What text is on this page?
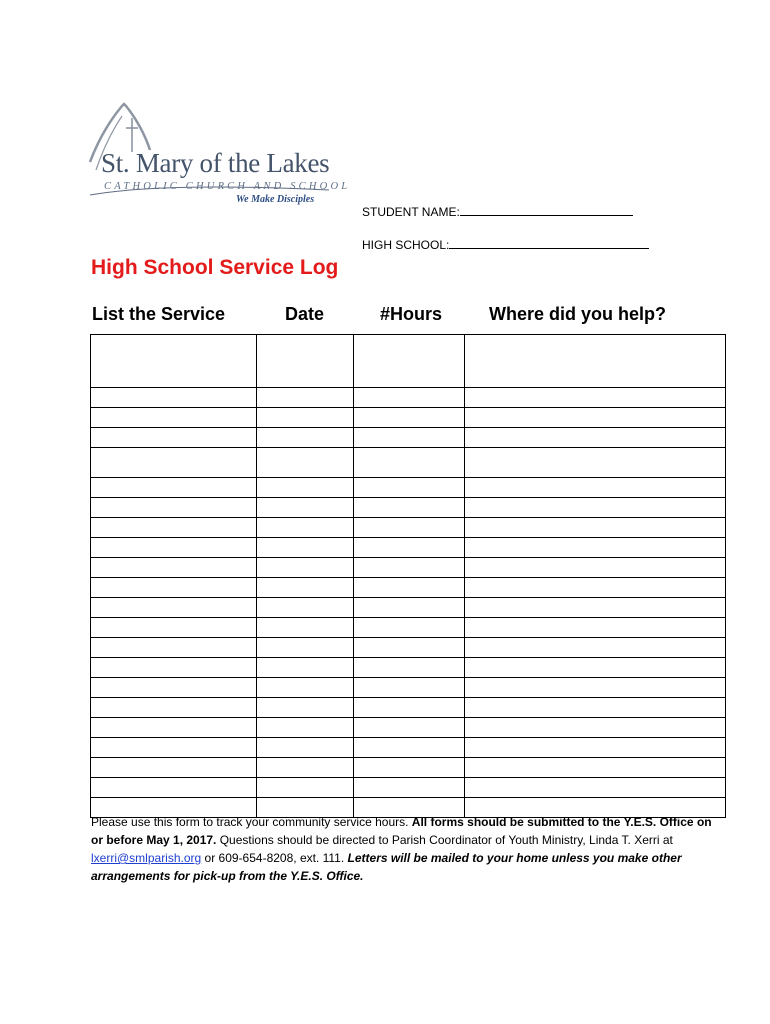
St. Mary of the Lakes
CATHOLIC CHURCH AND SCHOOL
We Make Disciples
STUDENT NAME:
HIGH SCHOOL:
High School Service Log
List the Service	Date	#Hours	Where did you help?

Please use this form to track your community service hours. All forms should be submitted to the Y.E.S. Office on or before May 1, 2017. Questions should be directed to Parish Coordinator of Youth Ministry, Linda T. Xerri at lxerri@smlparish.org or 609-654-8208, ext. 111. Letters will be mailed to your home unless you make other arrangements for pick-up from the Y.E.S. Office.
